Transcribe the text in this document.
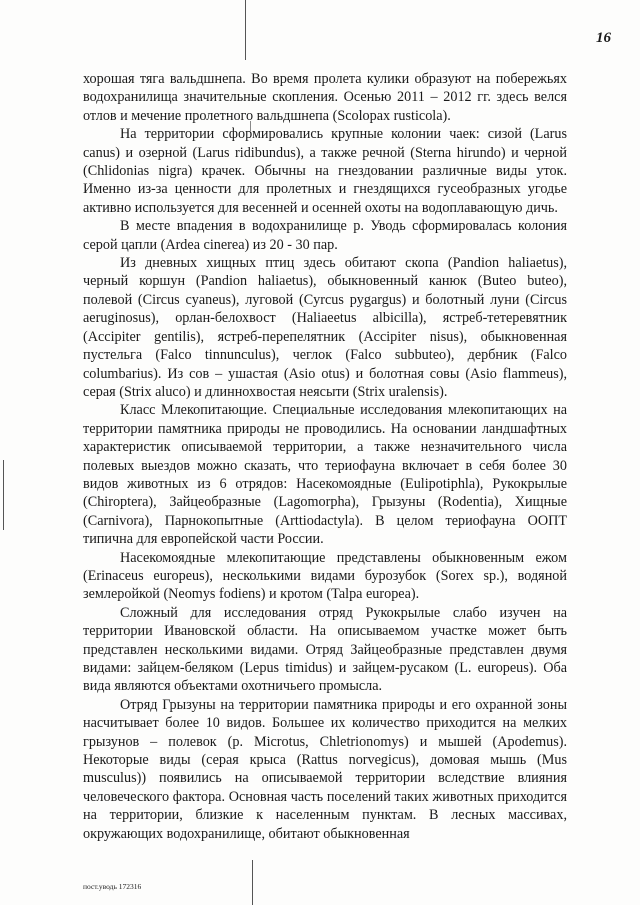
16

хорошая тяга вальдшнепа. Во время пролета кулики образуют на побережьях водохранилища значительные скопления. Осенью 2011 – 2012 гг. здесь велся отлов и мечение пролетного вальдшнепа (Scolopax rusticola).

На территории сформировались крупные колонии чаек: сизой (Larus canus) и озерной (Larus ridibundus), а также речной (Sterna hirundo) и черной (Chlidonias nigra) крачек. Обычны на гнездовании различные виды уток. Именно из-за ценности для пролетных и гнездящихся гусеобразных угодье активно используется для весенней и осенней охоты на водоплавающую дичь.

В месте впадения в водохранилище р. Уводь сформировалась колония серой цапли (Ardea cinerea) из 20 - 30 пар.

Из дневных хищных птиц здесь обитают скопа (Pandion haliaetus), черный коршун (Pandion haliaetus), обыкновенный канюк (Buteo buteo), полевой (Circus cyaneus), луговой (Cyrcus pygargus) и болотный луни (Circus aeruginosus), орлан-белохвост (Haliaeetus albicilla), ястреб-тетеревятник (Accipiter gentilis), ястреб-перепелятник (Accipiter nisus), обыкновенная пустельга (Falco tinnunculus), чеглок (Falco subbuteo), дербник (Falco columbarius). Из сов – ушастая (Asio otus) и болотная совы (Asio flammeus), серая (Strix aluco) и длиннохвостая неясыти (Strix uralensis).

Класс Млекопитающие. Специальные исследования млекопитающих на территории памятника природы не проводились. На основании ландшафтных характеристик описываемой территории, а также незначительного числа полевых выездов можно сказать, что териофауна включает в себя более 30 видов животных из 6 отрядов: Насекомоядные (Eulipotiphla), Рукокрылые (Chiroptera), Зайцеобразные (Lagomorpha), Грызуны (Rodentia), Хищные (Carnivora), Парнокопытные (Arttiodactyla). В целом териофауна ООПТ типична для европейской части России.

Насекомоядные млекопитающие представлены обыкновенным ежом (Erinaceus europeus), несколькими видами бурозубок (Sorex sp.), водяной землеройкой (Neomys fodiens) и кротом (Talpa europea).

Сложный для исследования отряд Рукокрылые слабо изучен на территории Ивановской области. На описываемом участке может быть представлен несколькими видами. Отряд Зайцеобразные представлен двумя видами: зайцем-беляком (Lepus timidus) и зайцем-русаком (L. europeus). Оба вида являются объектами охотничьего промысла.

Отряд Грызуны на территории памятника природы и его охранной зоны насчитывает более 10 видов. Большее их количество приходится на мелких грызунов – полевок (р. Microtus, Chletrionomys) и мышей (Apodemus). Некоторые виды (серая крыса (Rattus norvegicus), домовая мышь (Mus musculus)) появились на описываемой территории вследствие влияния человеческого фактора. Основная часть поселений таких животных приходится на территории, близкие к населенным пунктам. В лесных массивах, окружающих водохранилище, обитают обыкновенная

пост.уводь 172316
